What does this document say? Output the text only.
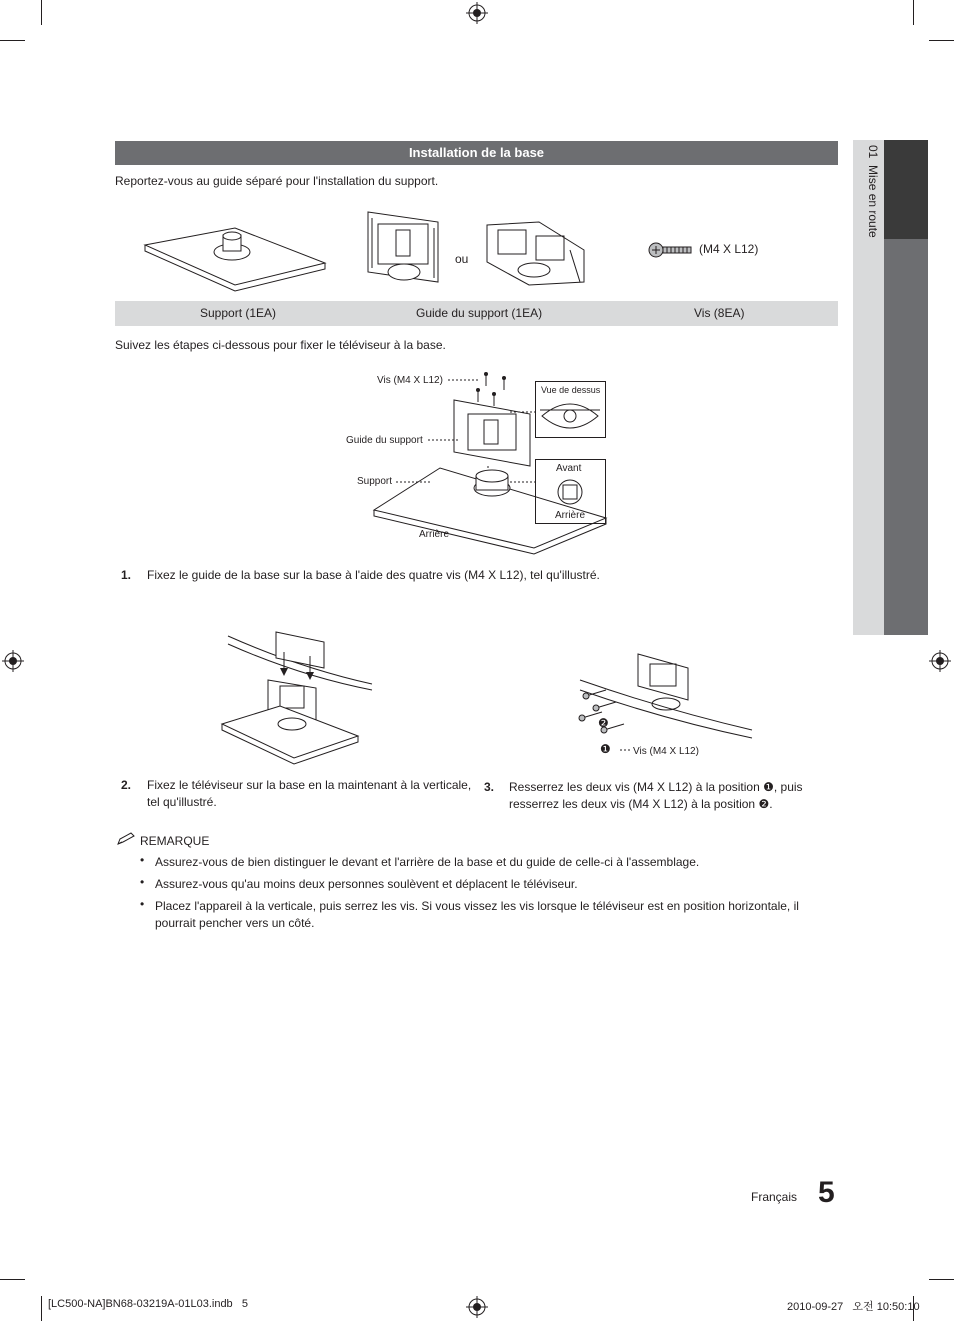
01  Mise en route
Installation de la base
Reportez-vous au guide séparé pour l'installation du support.
ou
(M4 X L12)
Support (1EA)	Guide du support (1EA)	Vis (8EA)
Suivez les étapes ci-dessous pour fixer le téléviseur à la base.
Vis (M4 X L12)
Guide du support
Support
Arrière
Vue de dessus
Avant
Arrière
1. Fixez le guide de la base sur la base à l'aide des quatre vis (M4 X L12), tel qu'illustré.
❷
❶ Vis (M4 X L12)
2. Fixez le téléviseur sur la base en la maintenant à la verticale, tel qu'illustré.
3. Resserrez les deux vis (M4 X L12) à la position ❶, puis resserrez les deux vis (M4 X L12) à la position ❷.
REMARQUE
• Assurez-vous de bien distinguer le devant et l'arrière de la base et du guide de celle-ci à l'assemblage.
• Assurez-vous qu'au moins deux personnes soulèvent et déplacent le téléviseur.
• Placez l'appareil à la verticale, puis serrez les vis. Si vous vissez les vis lorsque le téléviseur est en position horizontale, il pourrait pencher vers un côté.
Français 5
[LC500-NA]BN68-03219A-01L03.indb   5	2010-09-27   오전 10:50:10
